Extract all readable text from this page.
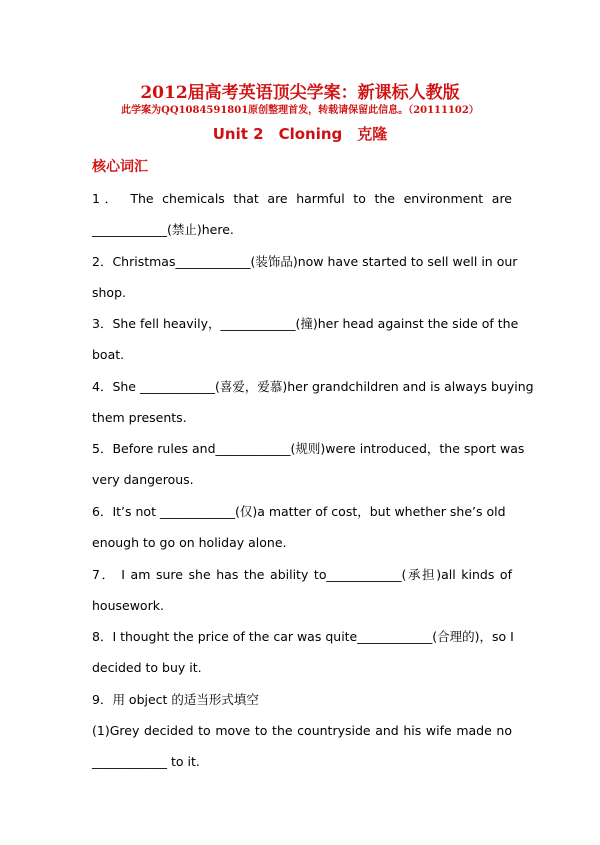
2012届高考英语顶尖学案：新课标人教版
此学案为QQ1084591801原创整理首发，转载请保留此信息。（20111102）
Unit 2　Cloning　克隆
核心词汇
1． The chemicals that are harmful to the environment are
____________(禁止)here.
2．Christmas____________(装饰品)now have started to sell well in our
shop.
3．She fell heavily，____________(撞)her head against the side of the
boat.
4．She ____________(喜爱，爱慕)her grandchildren and is always buying
them presents.
5．Before rules and____________(规则)were introduced，the sport was
very dangerous.
6．It’s not ____________(仅)a matter of cost，but whether she’s old
enough to go on holiday alone.
7． I am sure she has the ability to____________(承担)all kinds of
housework.
8．I thought the price of the car was quite____________(合理的)，so I
decided to buy it.
9．用 object 的适当形式填空
(1)Grey decided to move to the countryside and his wife made no
____________ to it.
